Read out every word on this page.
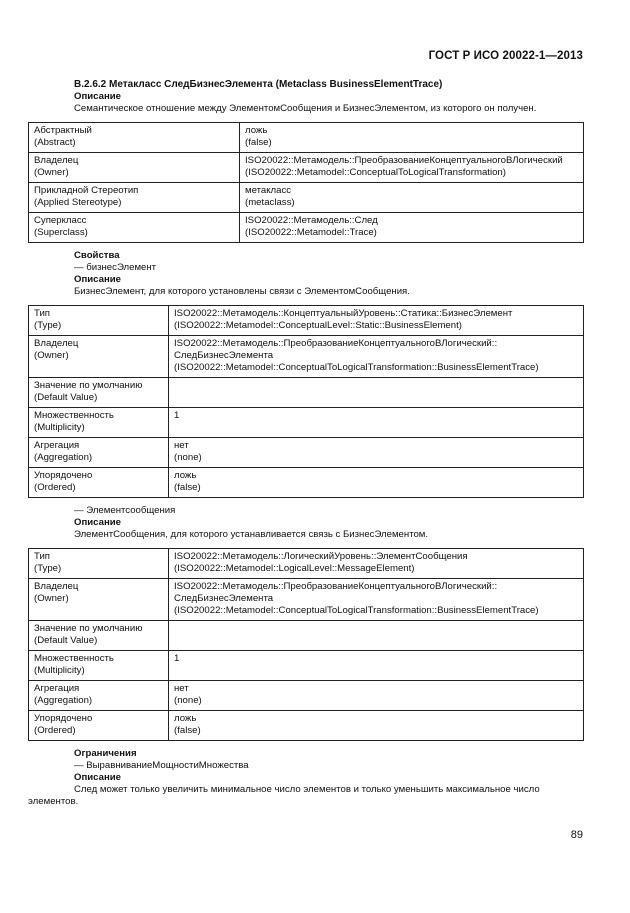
ГОСТ Р ИСО 20022-1—2013
В.2.6.2 Метакласс СледБизнесЭлемента (Metaclass BusinessElementTrace)
Описание
Семантическое отношение между ЭлементомСообщения и БизнесЭлементом, из которого он получен.
Абстрактный
(Abstract)	ложь
(false)

Владелец
(Owner)	ISO20022::Метамодель::ПреобразованиеКонцептуальногоВЛогический
(ISO20022::Metamodel::ConceptualToLogicalTransformation)

Прикладной Стереотип
(Applied Stereotype)	метакласс
(metaclass)

Суперкласс
(Superclass)	ISO20022::Метамодель::След
(ISO20022::Metamodel::Trace)
Свойства
— бизнесЭлемент
Описание
БизнесЭлемент, для которого установлены связи с ЭлементомСообщения.
Тип
(Type)	ISO20022::Метамодель::КонцептуальныйУровень::Статика::БизнесЭлемент
(ISO20022::Metamodel::ConceptualLevel::Static::BusinessElement)

Владелец
(Owner)	ISO20022::Метамодель::ПреобразованиеКонцептуальногоВЛогический::
СледБизнесЭлемента
(ISO20022::Metamodel::ConceptualToLogicalTransformation::BusinessElementTrace)

Значение по умолчанию
(Default Value)	

Множественность
(Multiplicity)	1

Агрегация
(Aggregation)	нет
(none)

Упорядочено
(Ordered)	ложь
(false)
— Элементсообщения
Описание
ЭлементСообщения, для которого устанавливается связь с БизнесЭлементом.
Тип
(Type)	ISO20022::Метамодель::ЛогическийУровень::ЭлементСообщения
(ISO20022::Metamodel::LogicalLevel::MessageElement)

Владелец
(Owner)	ISO20022::Метамодель::ПреобразованиеКонцептуальногоВЛогический::
СледБизнесЭлемента
(ISO20022::Metamodel::ConceptualToLogicalTransformation::BusinessElementTrace)

Значение по умолчанию
(Default Value)	

Множественность
(Multiplicity)	1

Агрегация
(Aggregation)	нет
(none)

Упорядочено
(Ordered)	ложь
(false)
Ограничения
— ВыравниваниеМощностиМножества
Описание
След может только увеличить минимальное число элементов и только уменьшить максимальное число
элементов.
89
